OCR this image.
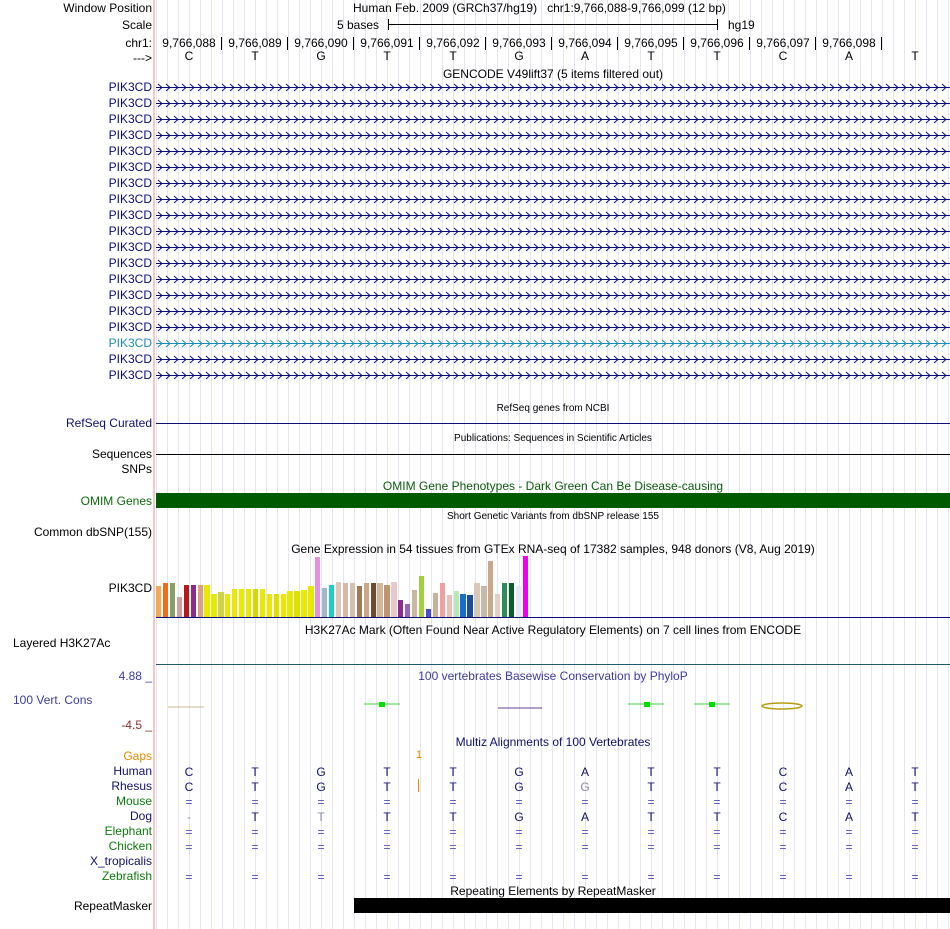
Window Position
Scale
chr1:
--->
Human Feb. 2009 (GRCh37/hg19)   chr1:9,766,088-9,766,099 (12 bp)
5 bases	hg19
9,766,088	9,766,089	9,766,090	9,766,091	9,766,092	9,766,093	9,766,094	9,766,095	9,766,096	9,766,097	9,766,098
C	T	G	T	T	G	A	T	T	C	A	T
GENCODE V49lift37 (5 items filtered out)
PIK3CD
PIK3CD
PIK3CD
PIK3CD
PIK3CD
PIK3CD
PIK3CD
PIK3CD
PIK3CD
PIK3CD
PIK3CD
PIK3CD
PIK3CD
PIK3CD
PIK3CD
PIK3CD
PIK3CD
PIK3CD
PIK3CD
RefSeq genes from NCBI
RefSeq Curated
Publications: Sequences in Scientific Articles
Sequences
SNPs
OMIM Gene Phenotypes - Dark Green Can Be Disease-causing
OMIM Genes
Short Genetic Variants from dbSNP release 155
Common dbSNP(155)
Gene Expression in 54 tissues from GTEx RNA-seq of 17382 samples, 948 donors (V8, Aug 2019)
PIK3CD
H3K27Ac Mark (Often Found Near Active Regulatory Elements) on 7 cell lines from ENCODE
Layered H3K27Ac
100 vertebrates Basewise Conservation by PhyloP
4.88 _
100 Vert. Cons
-4.5 _
Multiz Alignments of 100 Vertebrates
Gaps	1
Human	C	T	G	T	T	G	A	T	T	C	A	T
Rhesus	C	T	G	T	T	G	G	T	T	C	A	T
Mouse	=	=	=	=	=	=	=	=	=	=	=	=
Dog	-	T	T	T	T	G	A	T	T	C	A	T
Elephant	=	=	=	=	=	=	=	=	=	=	=	=
Chicken	=	=	=	=	=	=	=	=	=	=	=	=
X_tropicalis
Zebrafish	=	=	=	=	=	=	=	=	=	=	=	=
Repeating Elements by RepeatMasker
RepeatMasker
